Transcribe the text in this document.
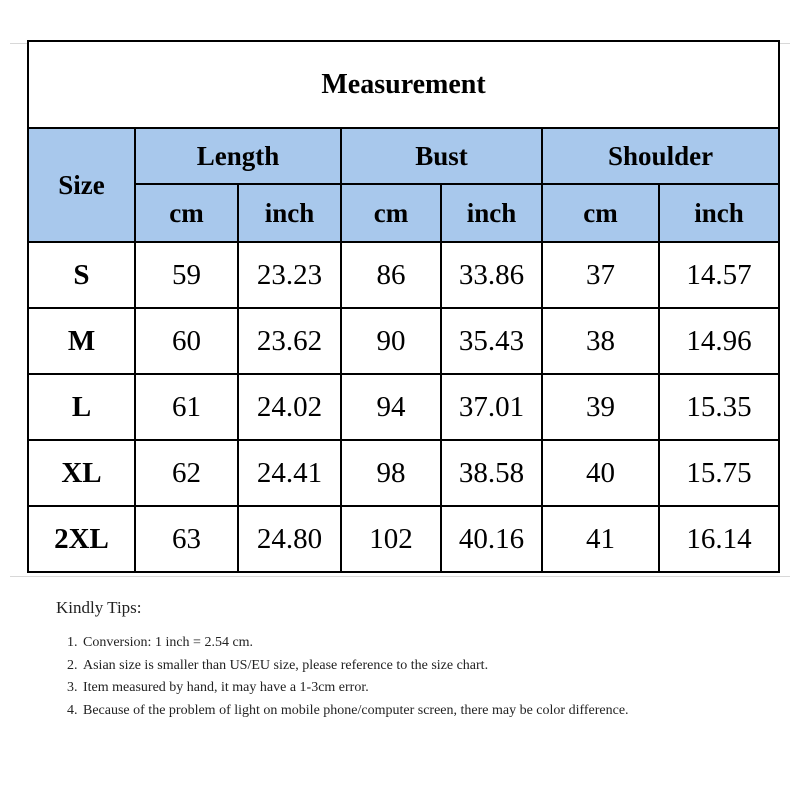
Measurement						
Size	Length		Bust		Shoulder	
	cm	inch	cm	inch	cm	inch
S	59	23.23	86	33.86	37	14.57
M	60	23.62	90	35.43	38	14.96
L	61	24.02	94	37.01	39	15.35
XL	62	24.41	98	38.58	40	15.75
2XL	63	24.80	102	40.16	41	16.14
Kindly Tips:
1. Conversion: 1 inch = 2.54 cm.
2. Asian size is smaller than US/EU size, please reference to the size chart.
3. Item measured by hand, it may have a 1-3cm error.
4. Because of the problem of light on mobile phone/computer screen, there may be color difference.
